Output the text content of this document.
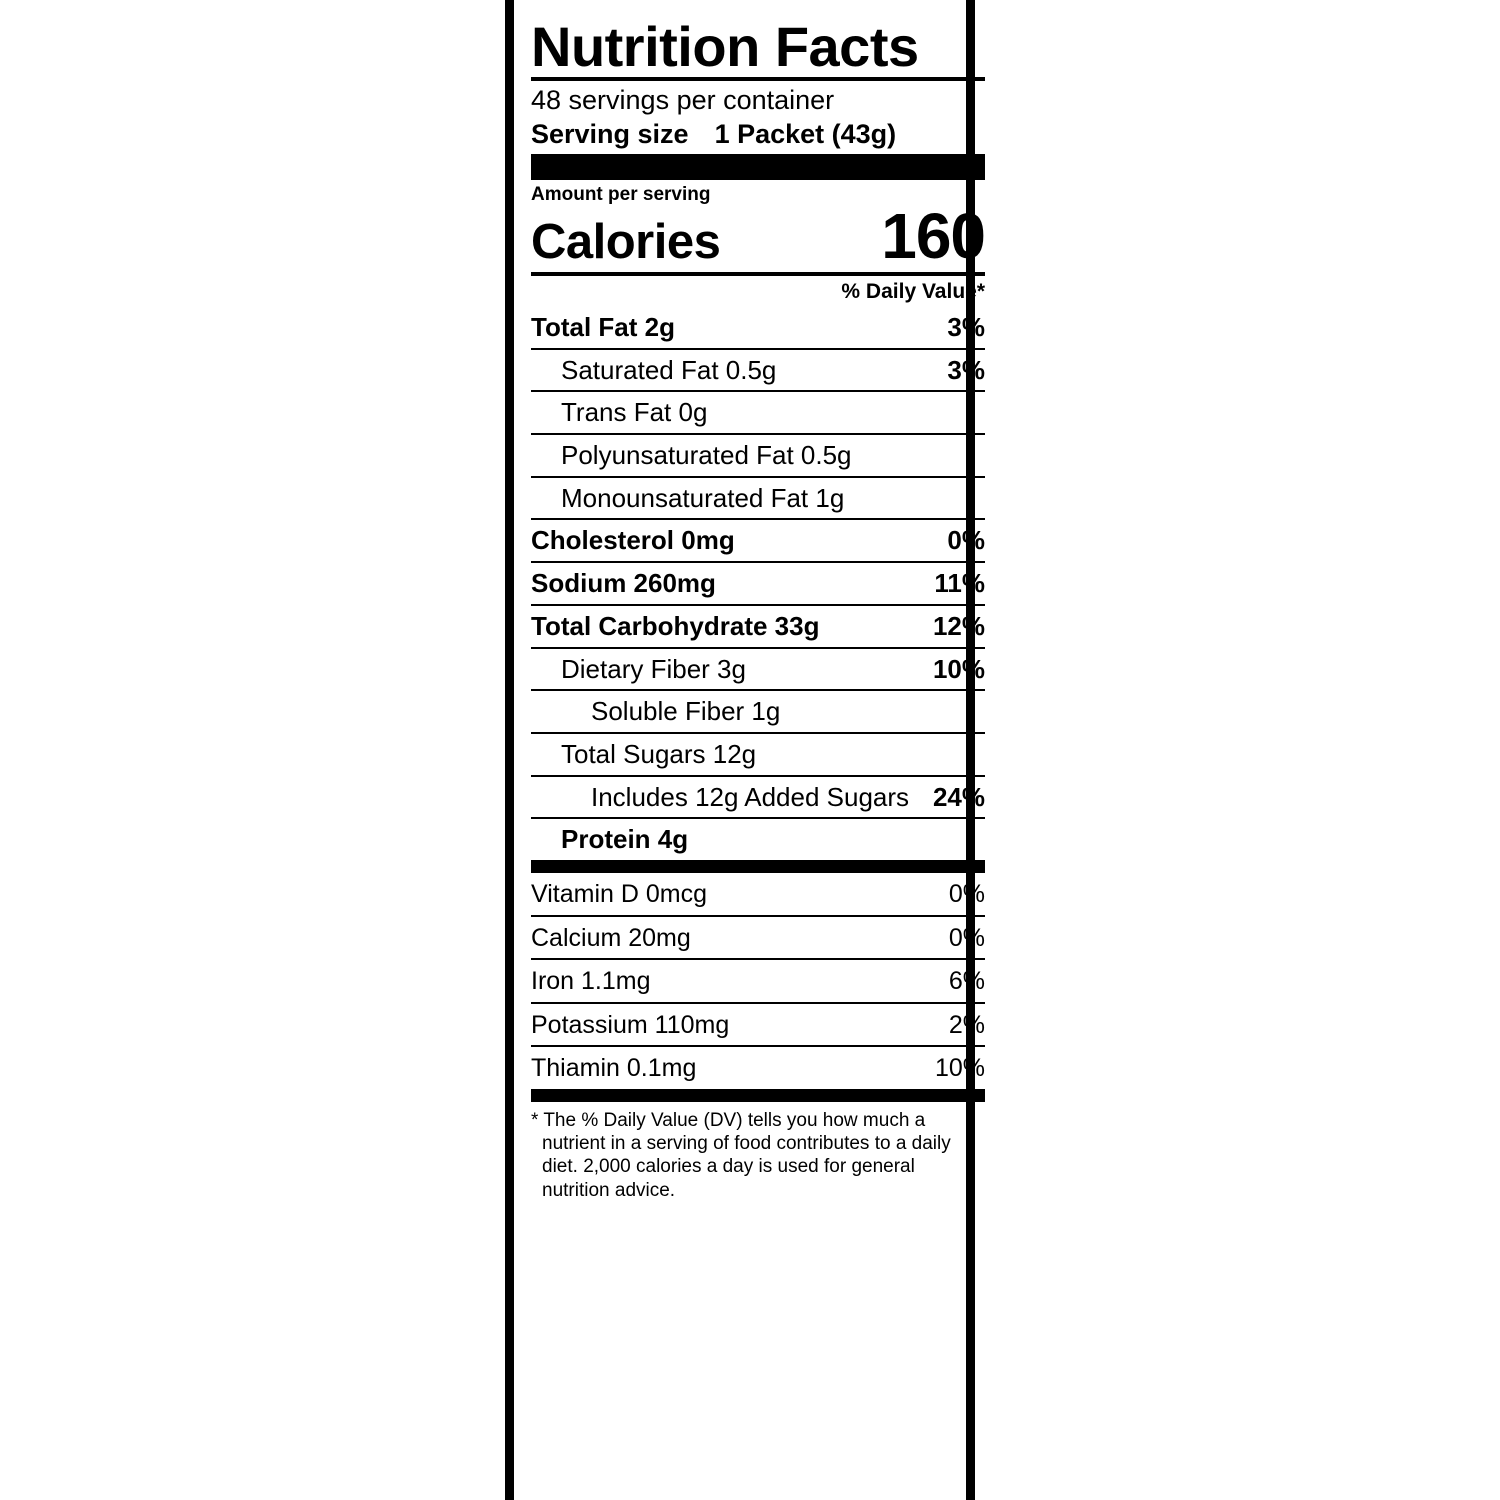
Nutrition Facts
48 servings per container
Serving size 1 Packet (43g)
Amount per serving
Calories	160
% Daily Value*
Total Fat 2g	3%
Saturated Fat 0.5g	3%
Trans Fat 0g
Polyunsaturated Fat 0.5g
Monounsaturated Fat 1g
Cholesterol 0mg	0%
Sodium 260mg	11%
Total Carbohydrate 33g	12%
Dietary Fiber 3g	10%
Soluble Fiber 1g
Total Sugars 12g
Includes 12g Added Sugars 24%
Protein 4g
Vitamin D 0mcg	0%
Calcium 20mg	0%
Iron 1.1mg	6%
Potassium 110mg	2%
Thiamin 0.1mg	10%
* The % Daily Value (DV) tells you how much a nutrient in a serving of food contributes to a daily diet. 2,000 calories a day is used for general nutrition advice.
